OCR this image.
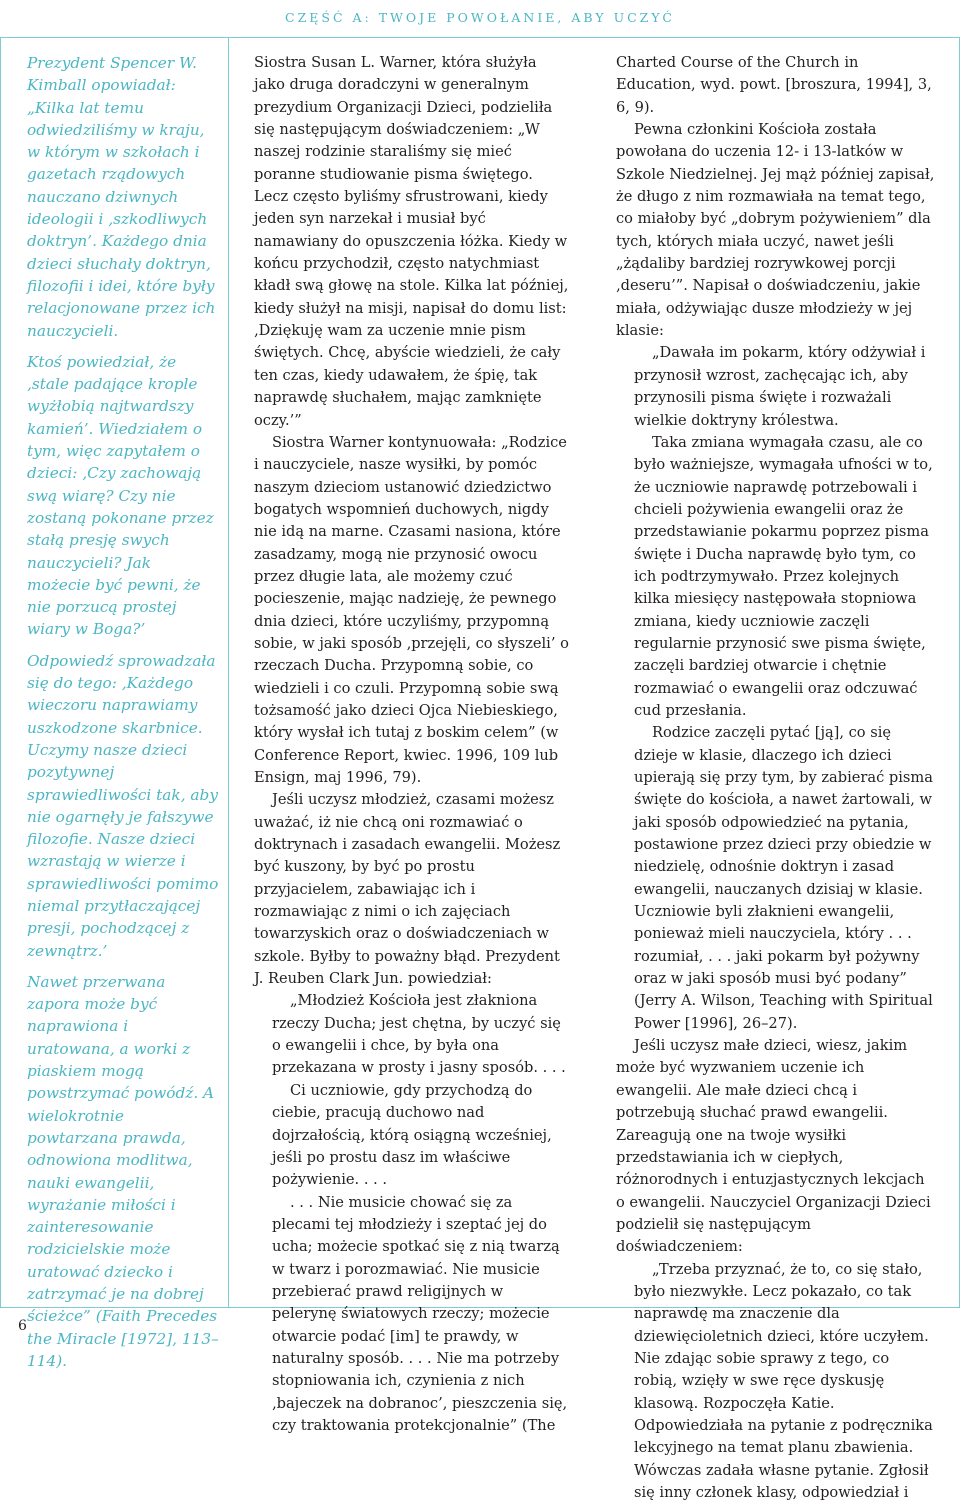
CZĘŚĆ A: TWOJE POWOŁANIE, ABY UCZYĆ

Prezydent Spencer W. Kimball opowiadał: „Kilka lat temu odwiedziliśmy w kraju, w którym w szkołach i gazetach rządowych nauczano dziwnych ideologii i ‚szkodliwych doktryn’. Każdego dnia dzieci słuchały doktryn, filozofii i idei, które były relacjonowane przez ich nauczycieli.

Ktoś powiedział, że ‚stale padające krople wyżłobią najtwardszy kamień’. Wiedziałem o tym, więc zapytałem o dzieci: ‚Czy zachowają swą wiarę? Czy nie zostaną pokonane przez stałą presję swych nauczycieli? Jak możecie być pewni, że nie porzucą prostej wiary w Boga?’

Odpowiedź sprowadzała się do tego: ‚Każdego wieczoru naprawiamy uszkodzone skarbnice. Uczymy nasze dzieci pozytywnej sprawiedliwości tak, aby nie ogarnęły je fałszywe filozofie. Nasze dzieci wzrastają w wierze i sprawiedliwości pomimo niemal przytłaczającej presji, pochodzącej z zewnątrz.’

Nawet przerwana zapora może być naprawiona i uratowana, a worki z piaskiem mogą powstrzymać powódź. A wielokrotnie powtarzana prawda, odnowiona modlitwa, nauki ewangelii, wyrażanie miłości i zainteresowanie rodzicielskie może uratować dziecko i zatrzymać je na dobrej ścieżce” (Faith Precedes the Miracle [1972], 113–114).

Siostra Susan L. Warner, która służyła jako druga doradczyni w generalnym prezydium Organizacji Dzieci, podzieliła się następującym doświadczeniem: „W naszej rodzinie staraliśmy się mieć poranne studiowanie pisma świętego. Lecz często byliśmy sfrustrowani, kiedy jeden syn narzekał i musiał być namawiany do opuszczenia łóżka. Kiedy w końcu przychodził, często natychmiast kładł swą głowę na stole. Kilka lat później, kiedy służył na misji, napisał do domu list: ‚Dziękuję wam za uczenie mnie pism świętych. Chcę, abyście wiedzieli, że cały ten czas, kiedy udawałem, że śpię, tak naprawdę słuchałem, mając zamknięte oczy.’”

Siostra Warner kontynuowała: „Rodzice i nauczyciele, nasze wysiłki, by pomóc naszym dzieciom ustanowić dziedzictwo bogatych wspomnień duchowych, nigdy nie idą na marne. Czasami nasiona, które zasadzamy, mogą nie przynosić owocu przez długie lata, ale możemy czuć pocieszenie, mając nadzieję, że pewnego dnia dzieci, które uczyliśmy, przypomną sobie, w jaki sposób ‚przejęli, co słyszeli’ o rzeczach Ducha. Przypomną sobie, co wiedzieli i co czuli. Przypomną sobie swą tożsamość jako dzieci Ojca Niebieskiego, który wysłał ich tutaj z boskim celem” (w Conference Report, kwiec. 1996, 109 lub Ensign, maj 1996, 79).

Jeśli uczysz młodzież, czasami możesz uważać, iż nie chcą oni rozmawiać o doktrynach i zasadach ewangelii. Możesz być kuszony, by być po prostu przyjacielem, zabawiając ich i rozmawiając z nimi o ich zajęciach towarzyskich oraz o doświadczeniach w szkole. Byłby to poważny błąd. Prezydent J. Reuben Clark Jun. powiedział:

„Młodzież Kościoła jest złaknionа rzeczy Ducha; jest chętna, by uczyć się o ewangelii i chce, by była ona przekazana w prosty i jasny sposób. . . .

Ci uczniowie, gdy przychodzą do ciebie, pracują duchowo nad dojrzałością, którą osiągną wcześniej, jeśli po prostu dasz im właściwe pożywienie. . . .

. . . Nie musicie chować się za plecami tej młodzieży i szeptać jej do ucha; możecie spotkać się z nią twarzą w twarz i porozmawiać. Nie musicie przebierać prawd religijnych w pelerynę światowych rzeczy; możecie otwarcie podać [im] te prawdy, w naturalny sposób. . . . Nie ma potrzeby stopniowania ich, czynienia z nich ‚bajeczek na dobranoc’, pieszczenia się, czy traktowania protekcjonalnie” (The

Charted Course of the Church in Education, wyd. powt. [broszura, 1994], 3, 6, 9).

Pewna członkini Kościoła została powołana do uczenia 12- i 13-latków w Szkole Niedzielnej. Jej mąż później zapisał, że długo z nim rozmawiała na temat tego, co miałoby być „dobrym pożywieniem” dla tych, których miała uczyć, nawet jeśli „żądaliby bardziej rozrywkowej porcji ‚deseru’”. Napisał o doświadczeniu, jakie miała, odżywiając dusze młodzieży w jej klasie:

„Dawała im pokarm, który odżywiał i przynosił wzrost, zachęcając ich, aby przynosili pisma święte i rozważali wielkie doktryny królestwa.

Taka zmiana wymagała czasu, ale co było ważniejsze, wymagała ufności w to, że uczniowie naprawdę potrzebowali i chcieli pożywienia ewangelii oraz że przedstawianie pokarmu poprzez pisma święte i Ducha naprawdę było tym, co ich podtrzymywało. Przez kolejnych kilka miesięcy następowała stopniowa zmiana, kiedy uczniowie zaczęli regularnie przynosić swe pisma święte, zaczęli bardziej otwarcie i chętnie rozmawiać o ewangelii oraz odczuwać cud przesłania.

Rodzice zaczęli pytać [ją], co się dzieje w klasie, dlaczego ich dzieci upierają się przy tym, by zabierać pisma święte do kościoła, a nawet żartowali, w jaki sposób odpowiedzieć na pytania, postawione przez dzieci przy obiedzie w niedzielę, odnośnie doktryn i zasad ewangelii, nauczanych dzisiaj w klasie. Uczniowie byli złaknieni ewangelii, ponieważ mieli nauczyciela, który . . . rozumiał, . . . jaki pokarm był pożywny oraz w jaki sposób musi być podany” (Jerry A. Wilson, Teaching with Spiritual Power [1996], 26–27).

Jeśli uczysz małe dzieci, wiesz, jakim może być wyzwaniem uczenie ich ewangelii. Ale małe dzieci chcą i potrzebują słuchać prawd ewangelii. Zareagują one na twoje wysiłki przedstawiania ich w ciepłych, różnorodnych i entuzjastycznych lekcjach o ewangelii. Nauczyciel Organizacji Dzieci podzielił się następującym doświadczeniem:

„Trzeba przyznać, że to, co się stało, było niezwykłe. Lecz pokazało, co tak naprawdę ma znaczenie dla dziewięcioletnich dzieci, które uczyłem. Nie zdając sobie sprawy z tego, co robią, wzięły w swe ręce dyskusję klasową. Rozpoczęła Katie. Odpowiedziała na pytanie z podręcznika lekcyjnego na temat planu zbawienia. Wówczas zadała własne pytanie. Zgłosił się inny członek klasy, odpowiedział i

6
